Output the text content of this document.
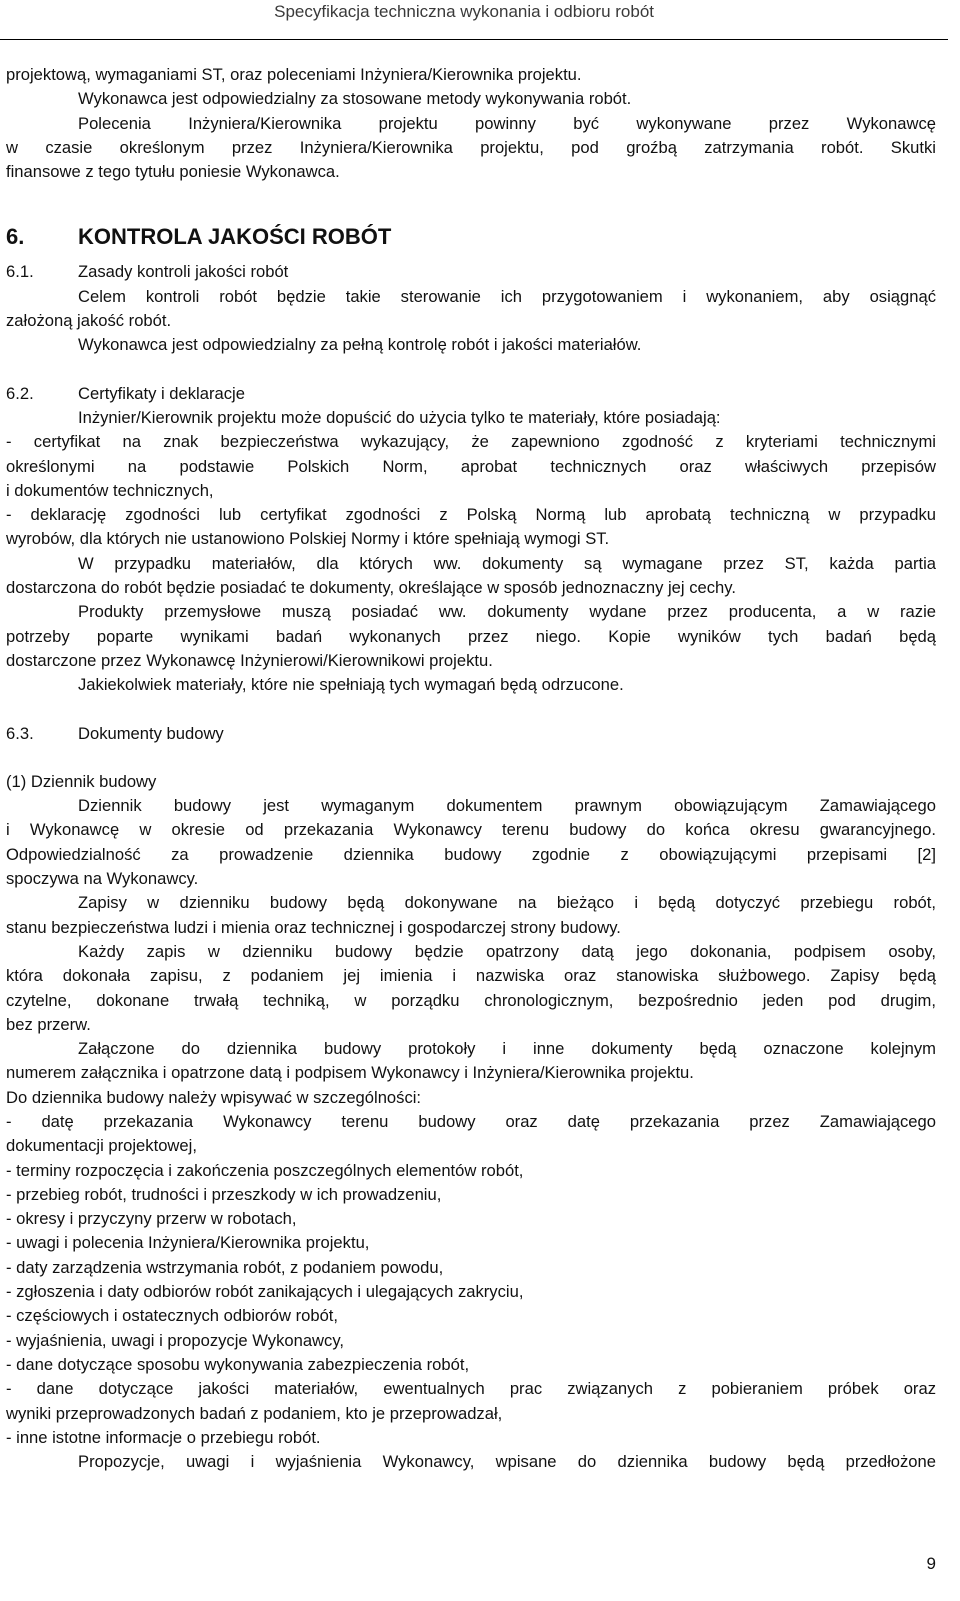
Specyfikacja techniczna wykonania i odbioru robót
projektową, wymaganiami ST, oraz poleceniami Inżyniera/Kierownika projektu.
Wykonawca jest odpowiedzialny za stosowane metody wykonywania robót.
Polecenia Inżyniera/Kierownika projektu powinny być wykonywane przez Wykonawcę
w czasie określonym przez Inżyniera/Kierownika projektu, pod groźbą zatrzymania robót. Skutki
finansowe z tego tytułu poniesie Wykonawca.
6.	KONTROLA JAKOŚCI ROBÓT
6.1.	Zasady kontroli jakości robót
Celem kontroli robót będzie takie sterowanie ich przygotowaniem i wykonaniem, aby osiągnąć
założoną jakość robót.
Wykonawca jest odpowiedzialny za pełną kontrolę robót i jakości materiałów.
6.2.	Certyfikaty i deklaracje
Inżynier/Kierownik projektu może dopuścić do użycia tylko te materiały, które posiadają:
- certyfikat na znak bezpieczeństwa wykazujący, że zapewniono zgodność z kryteriami technicznymi
określonymi na podstawie Polskich Norm, aprobat technicznych oraz właściwych przepisów
i dokumentów technicznych,
- deklarację zgodności lub certyfikat zgodności z Polską Normą lub aprobatą techniczną w przypadku
wyrobów, dla których nie ustanowiono Polskiej Normy i które spełniają wymogi ST.
W przypadku materiałów, dla których ww. dokumenty są wymagane przez ST, każda partia
dostarczona do robót będzie posiadać te dokumenty, określające w sposób jednoznaczny jej cechy.
Produkty przemysłowe muszą posiadać ww. dokumenty wydane przez producenta, a w razie
potrzeby poparte wynikami badań wykonanych przez niego. Kopie wyników tych badań będą
dostarczone przez Wykonawcę Inżynierowi/Kierownikowi projektu.
Jakiekolwiek materiały, które nie spełniają tych wymagań będą odrzucone.
6.3.	Dokumenty budowy
(1) Dziennik budowy
Dziennik budowy jest wymaganym dokumentem prawnym obowiązującym Zamawiającego
i Wykonawcę w okresie od przekazania Wykonawcy terenu budowy do końca okresu gwarancyjnego.
Odpowiedzialność za prowadzenie dziennika budowy zgodnie z obowiązującymi przepisami [2]
spoczywa na Wykonawcy.
Zapisy w dzienniku budowy będą dokonywane na bieżąco i będą dotyczyć przebiegu robót,
stanu bezpieczeństwa ludzi i mienia oraz technicznej i gospodarczej strony budowy.
Każdy zapis w dzienniku budowy będzie opatrzony datą jego dokonania, podpisem osoby,
która dokonała zapisu, z podaniem jej imienia i nazwiska oraz stanowiska służbowego. Zapisy będą
czytelne, dokonane trwałą techniką, w porządku chronologicznym, bezpośrednio jeden pod drugim,
bez przerw.
Załączone do dziennika budowy protokoły i inne dokumenty będą oznaczone kolejnym
numerem załącznika i opatrzone datą i podpisem Wykonawcy i Inżyniera/Kierownika projektu.
Do dziennika budowy należy wpisywać w szczególności:
- datę przekazania Wykonawcy terenu budowy oraz datę przekazania przez Zamawiającego
dokumentacji projektowej,
- terminy rozpoczęcia i zakończenia poszczególnych elementów robót,
- przebieg robót, trudności i przeszkody w ich prowadzeniu,
- okresy i przyczyny przerw w robotach,
- uwagi i polecenia Inżyniera/Kierownika projektu,
- daty zarządzenia wstrzymania robót, z podaniem powodu,
- zgłoszenia i daty odbiorów robót zanikających i ulegających zakryciu,
- częściowych i ostatecznych odbiorów robót,
- wyjaśnienia, uwagi i propozycje Wykonawcy,
- dane dotyczące sposobu wykonywania zabezpieczenia robót,
- dane dotyczące jakości materiałów, ewentualnych prac związanych z pobieraniem próbek oraz
wyniki przeprowadzonych badań z podaniem, kto je przeprowadzał,
- inne istotne informacje o przebiegu robót.
Propozycje, uwagi i wyjaśnienia Wykonawcy, wpisane do dziennika budowy będą przedłożone
9
